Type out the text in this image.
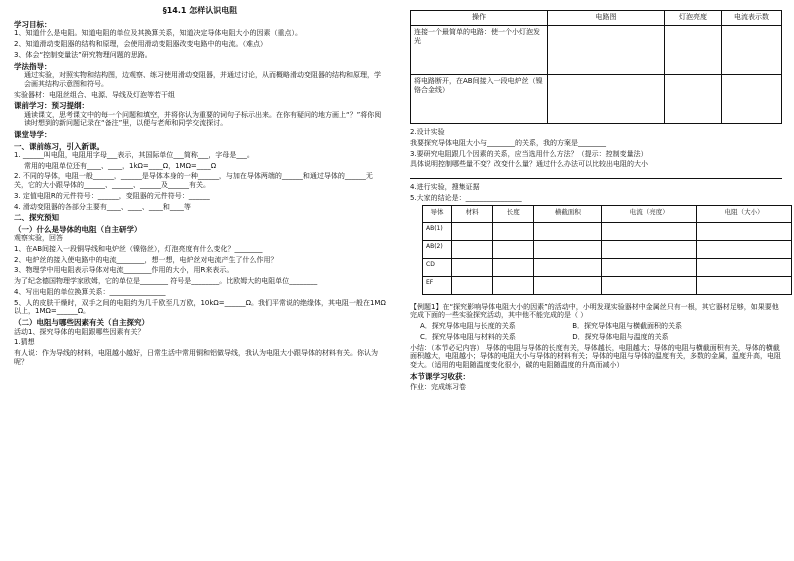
§14.1 怎样认识电阻
学习目标：

1、知道什么是电阻。知道电阻的单位及其换算关系，知道决定导体电阻大小的因素（重点）。

2、知道滑动变阻器的结构和原理，会使用滑动变阻器改变电路中的电流。（难点）

3、体会“控制变量法”研究物理问题的思路。

学法指导：

通过实验，对照实物和结构图，边观察、练习使用滑动变阻器，并通过讨论，从而概略滑动变阻器的结构和原理，学会画其结构示意图和符号。

实验器材：电阻丝组合、电源、导线及灯泡等若干组

课前学习：预习提纲：

通读课文，思考课文中的每一个问题和填空，并将你认为重要的词句子标示出来。在你有疑问的地方画上“？”将你阅读时想到的新问题记录在“备注”里，以便与老师和同学交流探讨。

课堂导学：
一、课前练习，引入新课。

1. ______叫电阻，电阻用字母___表示，其国际单位___简称___，字母是___。

常用的电阻单位还有____、____，1kΩ=____Ω，1MΩ=____Ω

2. 不同的导体，电阻一般______，______是导体本身的一种______，与加在导体两端的______和通过导体的______无关，它的大小跟导体的______、______、______及______有关。

3. 定值电阻R的元件符号：______，变阻器的元件符号：______

4. 滑动变阻器的各部分主要有____、____、____和____等

二、探究预知
（一）什么是导体的电阻（自主研学）

观察实验，回答

1、在AB间接入一段铜导线和电炉丝（镍铬丝），灯泡亮度有什么变化？________

2、电炉丝的接入使电路中的电流________，想一想，电炉丝对电流产生了什么作用？

3、物理学中用电阻表示导体对电流________作用的大小，用R来表示。

为了纪念德国物理学家欧姆，它的单位是________ 符号是________。比欧姆大的电阻单位________

4、写出电阻的单位换算关系：________________

5、人的皮肤干燥时，双手之间的电阻约为几千欧至几万欧，10kΩ=______Ω。我们平常说的绝缘体，其电阻一般在1MΩ以上，1MΩ=______Ω。

（二）电阻与哪些因素有关（自主探究）

活动1、探究导体的电阻跟哪些因素有关？

1.猜想

有人说：作为导线的材料，电阻越小越好，日常生活中常用铜和铝做导线，我认为电阻大小跟导体的材料有关。你认为呢？

操作	电路图	灯泡亮度	电流表示数
连接一个最简单的电路：使一个小灯泡发光			
将电路断开，在AB间接入一段电炉丝（镍铬合金线）			

2.设计实验

我要探究导体电阻大小与________的关系，我的方案是________

3.要研究电阻跟几个因素的关系，应当选用什么方法？（提示：控制变量法）

具体说明控制哪些量不变？改变什么量？通过什么办法可以比较出电阻的大小

4.进行实验，搜集证据

5.大家的结论是：________________

导体	材料	长度	横截面积	电流（亮度）	电阻（大小）
AB(1)					
AB(2)					
CD					
EF					

【例题1】在“探究影响导体电阻大小的因素”的活动中，小明发现实验器材中金属丝只有一根，其它器材足够，如果要他完成下面的一些实验探究活动，其中他不能完成的是（ ）

A．探究导体电阻与长度的关系	B．探究导体电阻与横截面积的关系

C．探究导体电阻与材料的关系	D．探究导体电阻与温度的关系

小结：（本节必记内容） 导体的电阻与导体的长度有关，导体越长，电阻越大；导体的电阻与横截面积有关，导体的横截面积越大，电阻越小；导体的电阻大小与导体的材料有关；导体的电阻与导体的温度有关，多数的金属，温度升高，电阻变大。（适用的电阻随温度变化很小，碳的电阻随温度的升高而减小）

本节课学习收获：

作业：完成练习卷
